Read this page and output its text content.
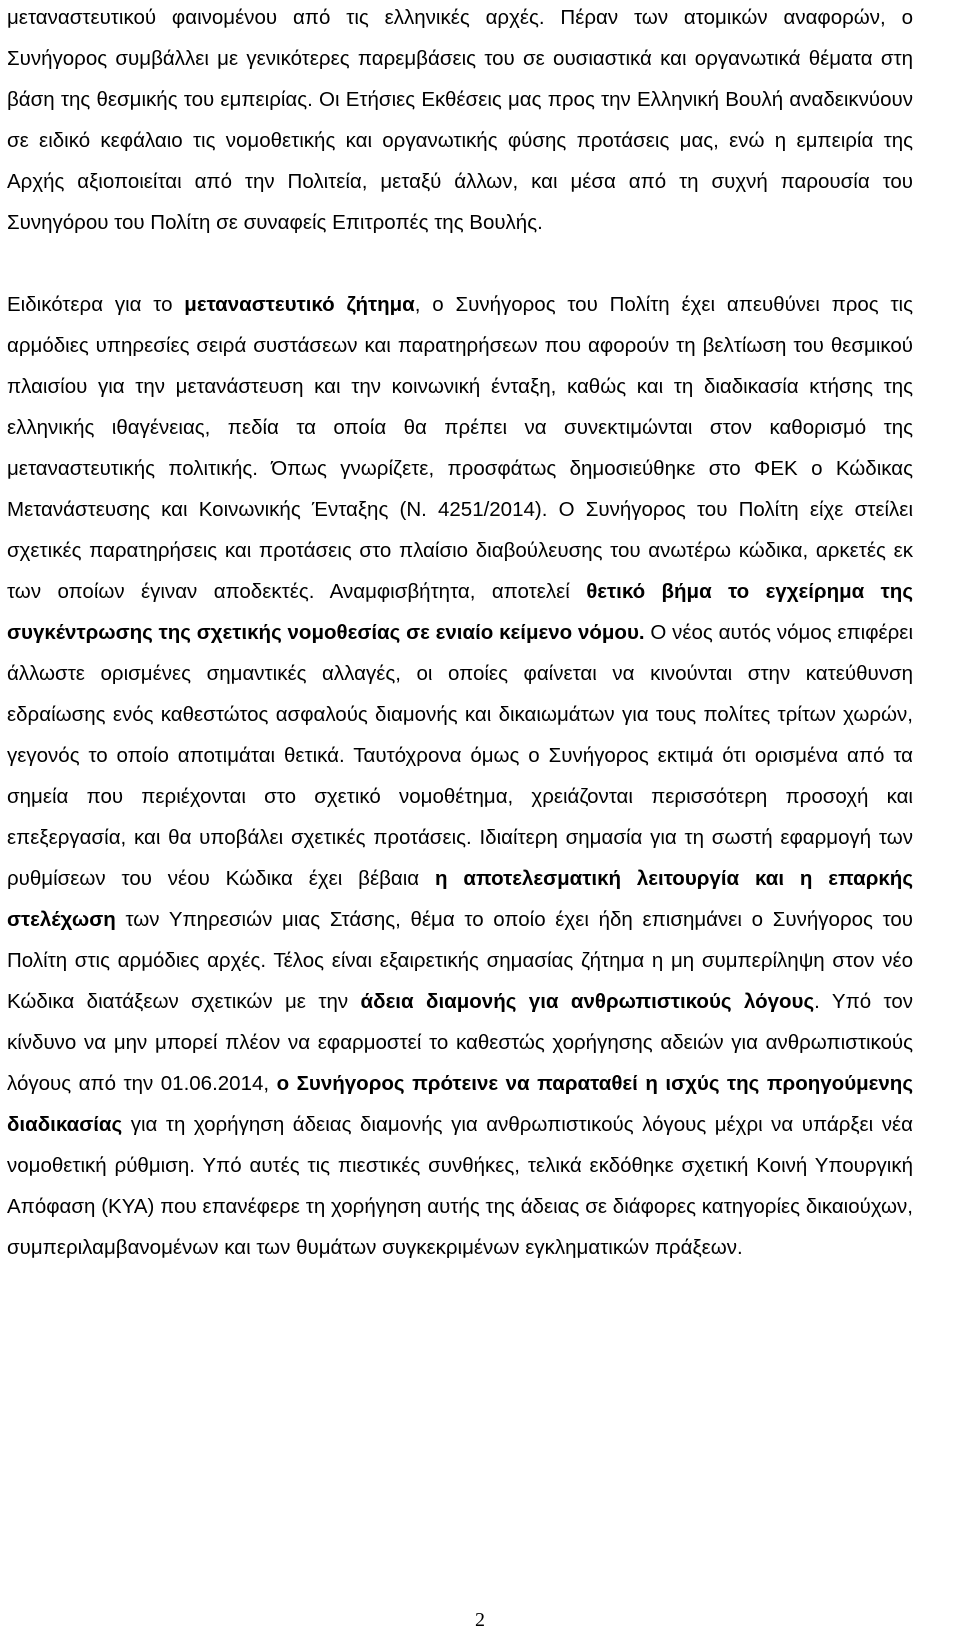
μεταναστευτικού φαινομένου από τις ελληνικές αρχές. Πέραν των ατομικών αναφορών, ο Συνήγορος συμβάλλει με γενικότερες παρεμβάσεις του σε ουσιαστικά και οργανωτικά θέματα στη βάση της θεσμικής του εμπειρίας. Οι Ετήσιες Εκθέσεις μας προς την Ελληνική Βουλή αναδεικνύουν σε ειδικό κεφάλαιο τις νομοθετικής και οργανωτικής φύσης προτάσεις μας, ενώ η εμπειρία της Αρχής αξιοποιείται από την Πολιτεία, μεταξύ άλλων, και μέσα από τη συχνή παρουσία του Συνηγόρου του Πολίτη σε συναφείς Επιτροπές της Βουλής.

Ειδικότερα για το μεταναστευτικό ζήτημα, ο Συνήγορος του Πολίτη έχει απευθύνει προς τις αρμόδιες υπηρεσίες σειρά συστάσεων και παρατηρήσεων που αφορούν τη βελτίωση του θεσμικού πλαισίου για την μετανάστευση και την κοινωνική ένταξη, καθώς και τη διαδικασία κτήσης της ελληνικής ιθαγένειας, πεδία τα οποία θα πρέπει να συνεκτιμώνται στον καθορισμό της μεταναστευτικής πολιτικής. Όπως γνωρίζετε, προσφάτως δημοσιεύθηκε στο ΦΕΚ ο Κώδικας Μετανάστευσης και Κοινωνικής Ένταξης (Ν. 4251/2014). Ο Συνήγορος του Πολίτη είχε στείλει σχετικές παρατηρήσεις και προτάσεις στο πλαίσιο διαβούλευσης του ανωτέρω κώδικα, αρκετές εκ των οποίων έγιναν αποδεκτές. Αναμφισβήτητα, αποτελεί θετικό βήμα το εγχείρημα της συγκέντρωσης της σχετικής νομοθεσίας σε ενιαίο κείμενο νόμου. Ο νέος αυτός νόμος επιφέρει άλλωστε ορισμένες σημαντικές αλλαγές, οι οποίες φαίνεται να κινούνται στην κατεύθυνση εδραίωσης ενός καθεστώτος ασφαλούς διαμονής και δικαιωμάτων για τους πολίτες τρίτων χωρών, γεγονός το οποίο αποτιμάται θετικά. Ταυτόχρονα όμως ο Συνήγορος εκτιμά ότι ορισμένα από τα σημεία που περιέχονται στο σχετικό νομοθέτημα, χρειάζονται περισσότερη προσοχή και επεξεργασία, και θα υποβάλει σχετικές προτάσεις. Ιδιαίτερη σημασία για τη σωστή εφαρμογή των ρυθμίσεων του νέου Κώδικα έχει βέβαια η αποτελεσματική λειτουργία και η επαρκής στελέχωση των Υπηρεσιών μιας Στάσης, θέμα το οποίο έχει ήδη επισημάνει ο Συνήγορος του Πολίτη στις αρμόδιες αρχές. Τέλος είναι εξαιρετικής σημασίας ζήτημα η μη συμπερίληψη στον νέο Κώδικα διατάξεων σχετικών με την άδεια διαμονής για ανθρωπιστικούς λόγους. Υπό τον κίνδυνο να μην μπορεί πλέον να εφαρμοστεί το καθεστώς χορήγησης αδειών για ανθρωπιστικούς λόγους από την 01.06.2014, ο Συνήγορος πρότεινε να παραταθεί η ισχύς της προηγούμενης διαδικασίας για τη χορήγηση άδειας διαμονής για ανθρωπιστικούς λόγους μέχρι να υπάρξει νέα νομοθετική ρύθμιση. Υπό αυτές τις πιεστικές συνθήκες, τελικά εκδόθηκε σχετική Κοινή Υπουργική Απόφαση (ΚΥΑ) που επανέφερε τη χορήγηση αυτής της άδειας σε διάφορες κατηγορίες δικαιούχων, συμπεριλαμβανομένων και των θυμάτων συγκεκριμένων εγκληματικών πράξεων.

2
